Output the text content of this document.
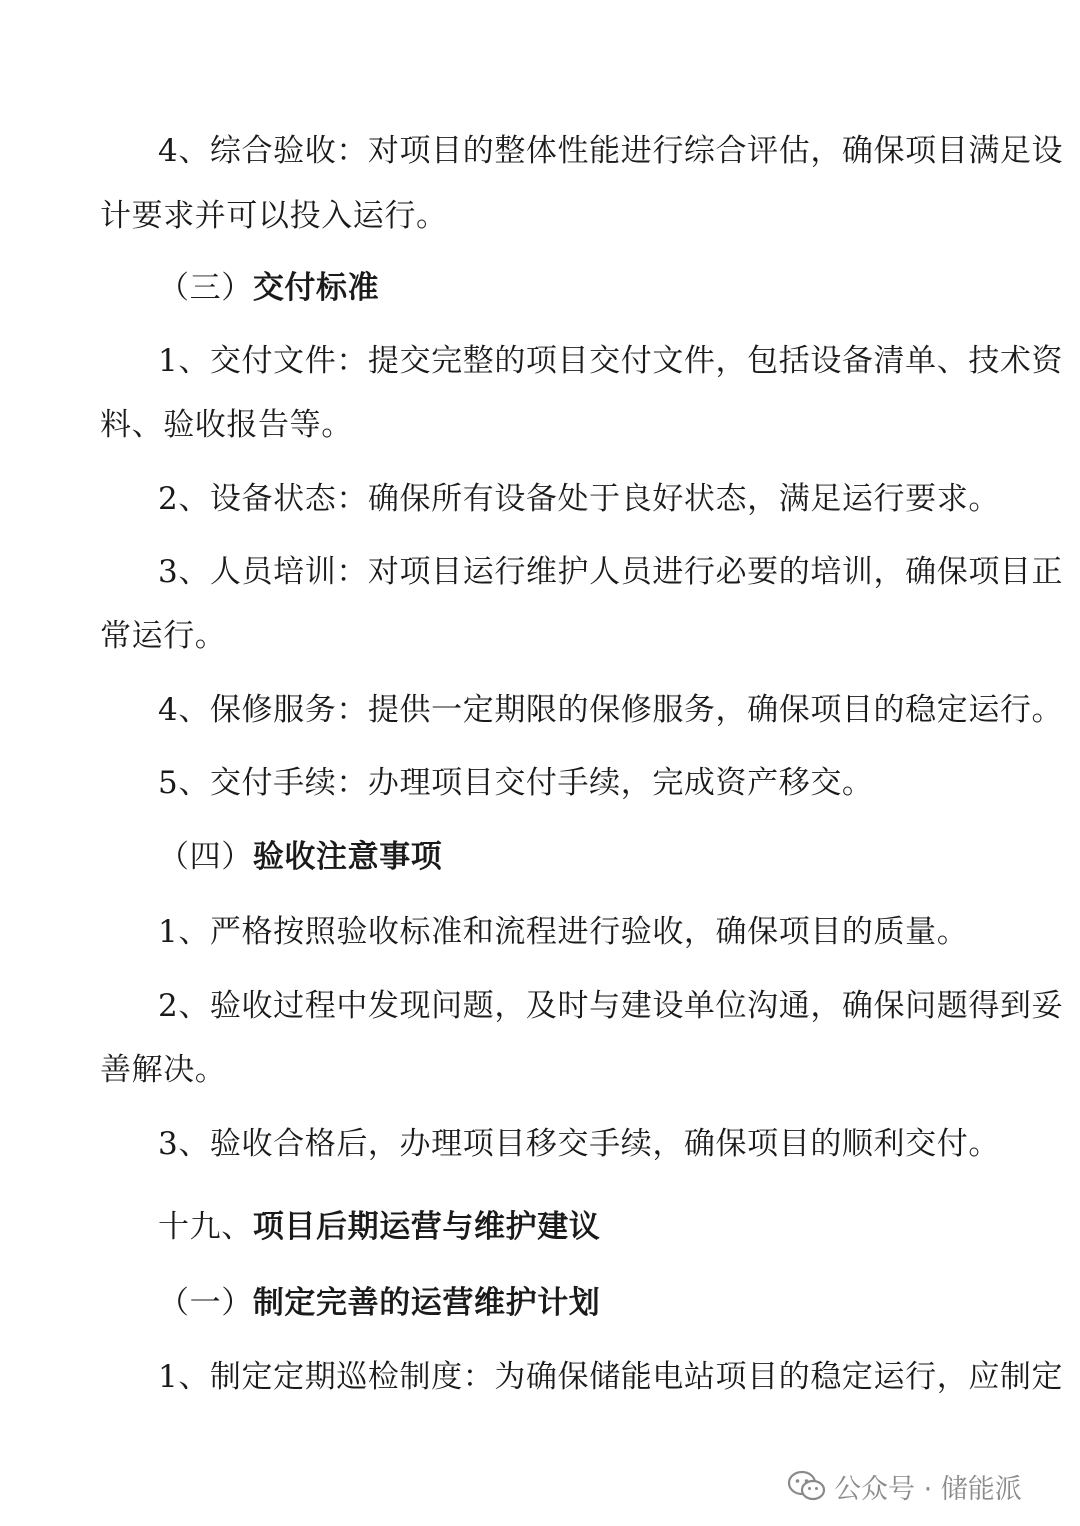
4、综合验收：对项目的整体性能进行综合评估，确保项目满足设
计要求并可以投入运行。
（三）交付标准
1、交付文件：提交完整的项目交付文件，包括设备清单、技术资
料、验收报告等。
2、设备状态：确保所有设备处于良好状态，满足运行要求。
3、人员培训：对项目运行维护人员进行必要的培训，确保项目正
常运行。
4、保修服务：提供一定期限的保修服务，确保项目的稳定运行。
5、交付手续：办理项目交付手续，完成资产移交。
（四）验收注意事项
1、严格按照验收标准和流程进行验收，确保项目的质量。
2、验收过程中发现问题，及时与建设单位沟通，确保问题得到妥
善解决。
3、验收合格后，办理项目移交手续，确保项目的顺利交付。
十九、项目后期运营与维护建议
（一）制定完善的运营维护计划
1、制定定期巡检制度：为确保储能电站项目的稳定运行，应制定
公众号 · 储能派
